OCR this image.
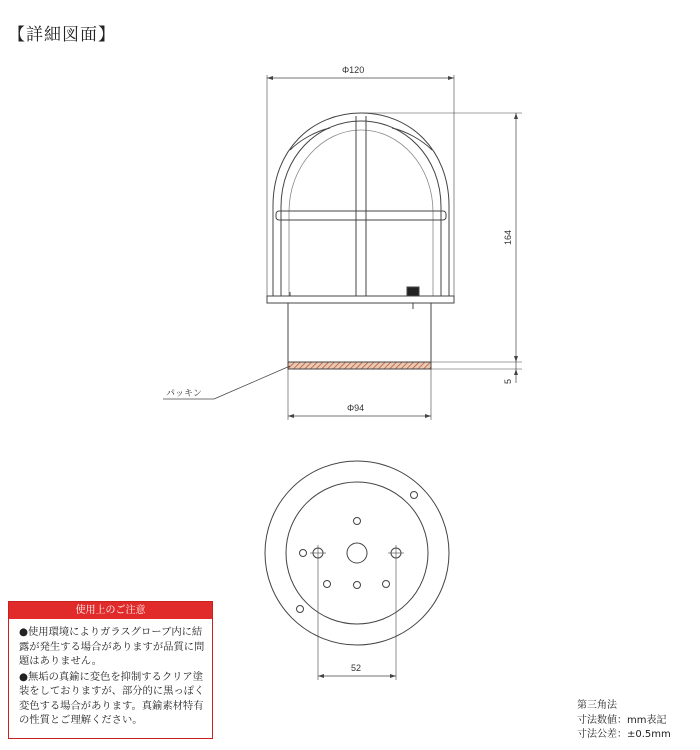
【詳細図面】
Φ120
164
5
Φ94
パッキン
52
使用上のご注意

●使用環境によりガラスグローブ内に結露が発生する場合がありますが品質に問題はありません。

●無垢の真鍮に変色を抑制するクリア塗装をしておりますが、部分的に黒っぽく変色する場合があります。真鍮素材特有の性質とご理解ください。

第三角法
寸法数値：mm表記
寸法公差：±0.5mm
